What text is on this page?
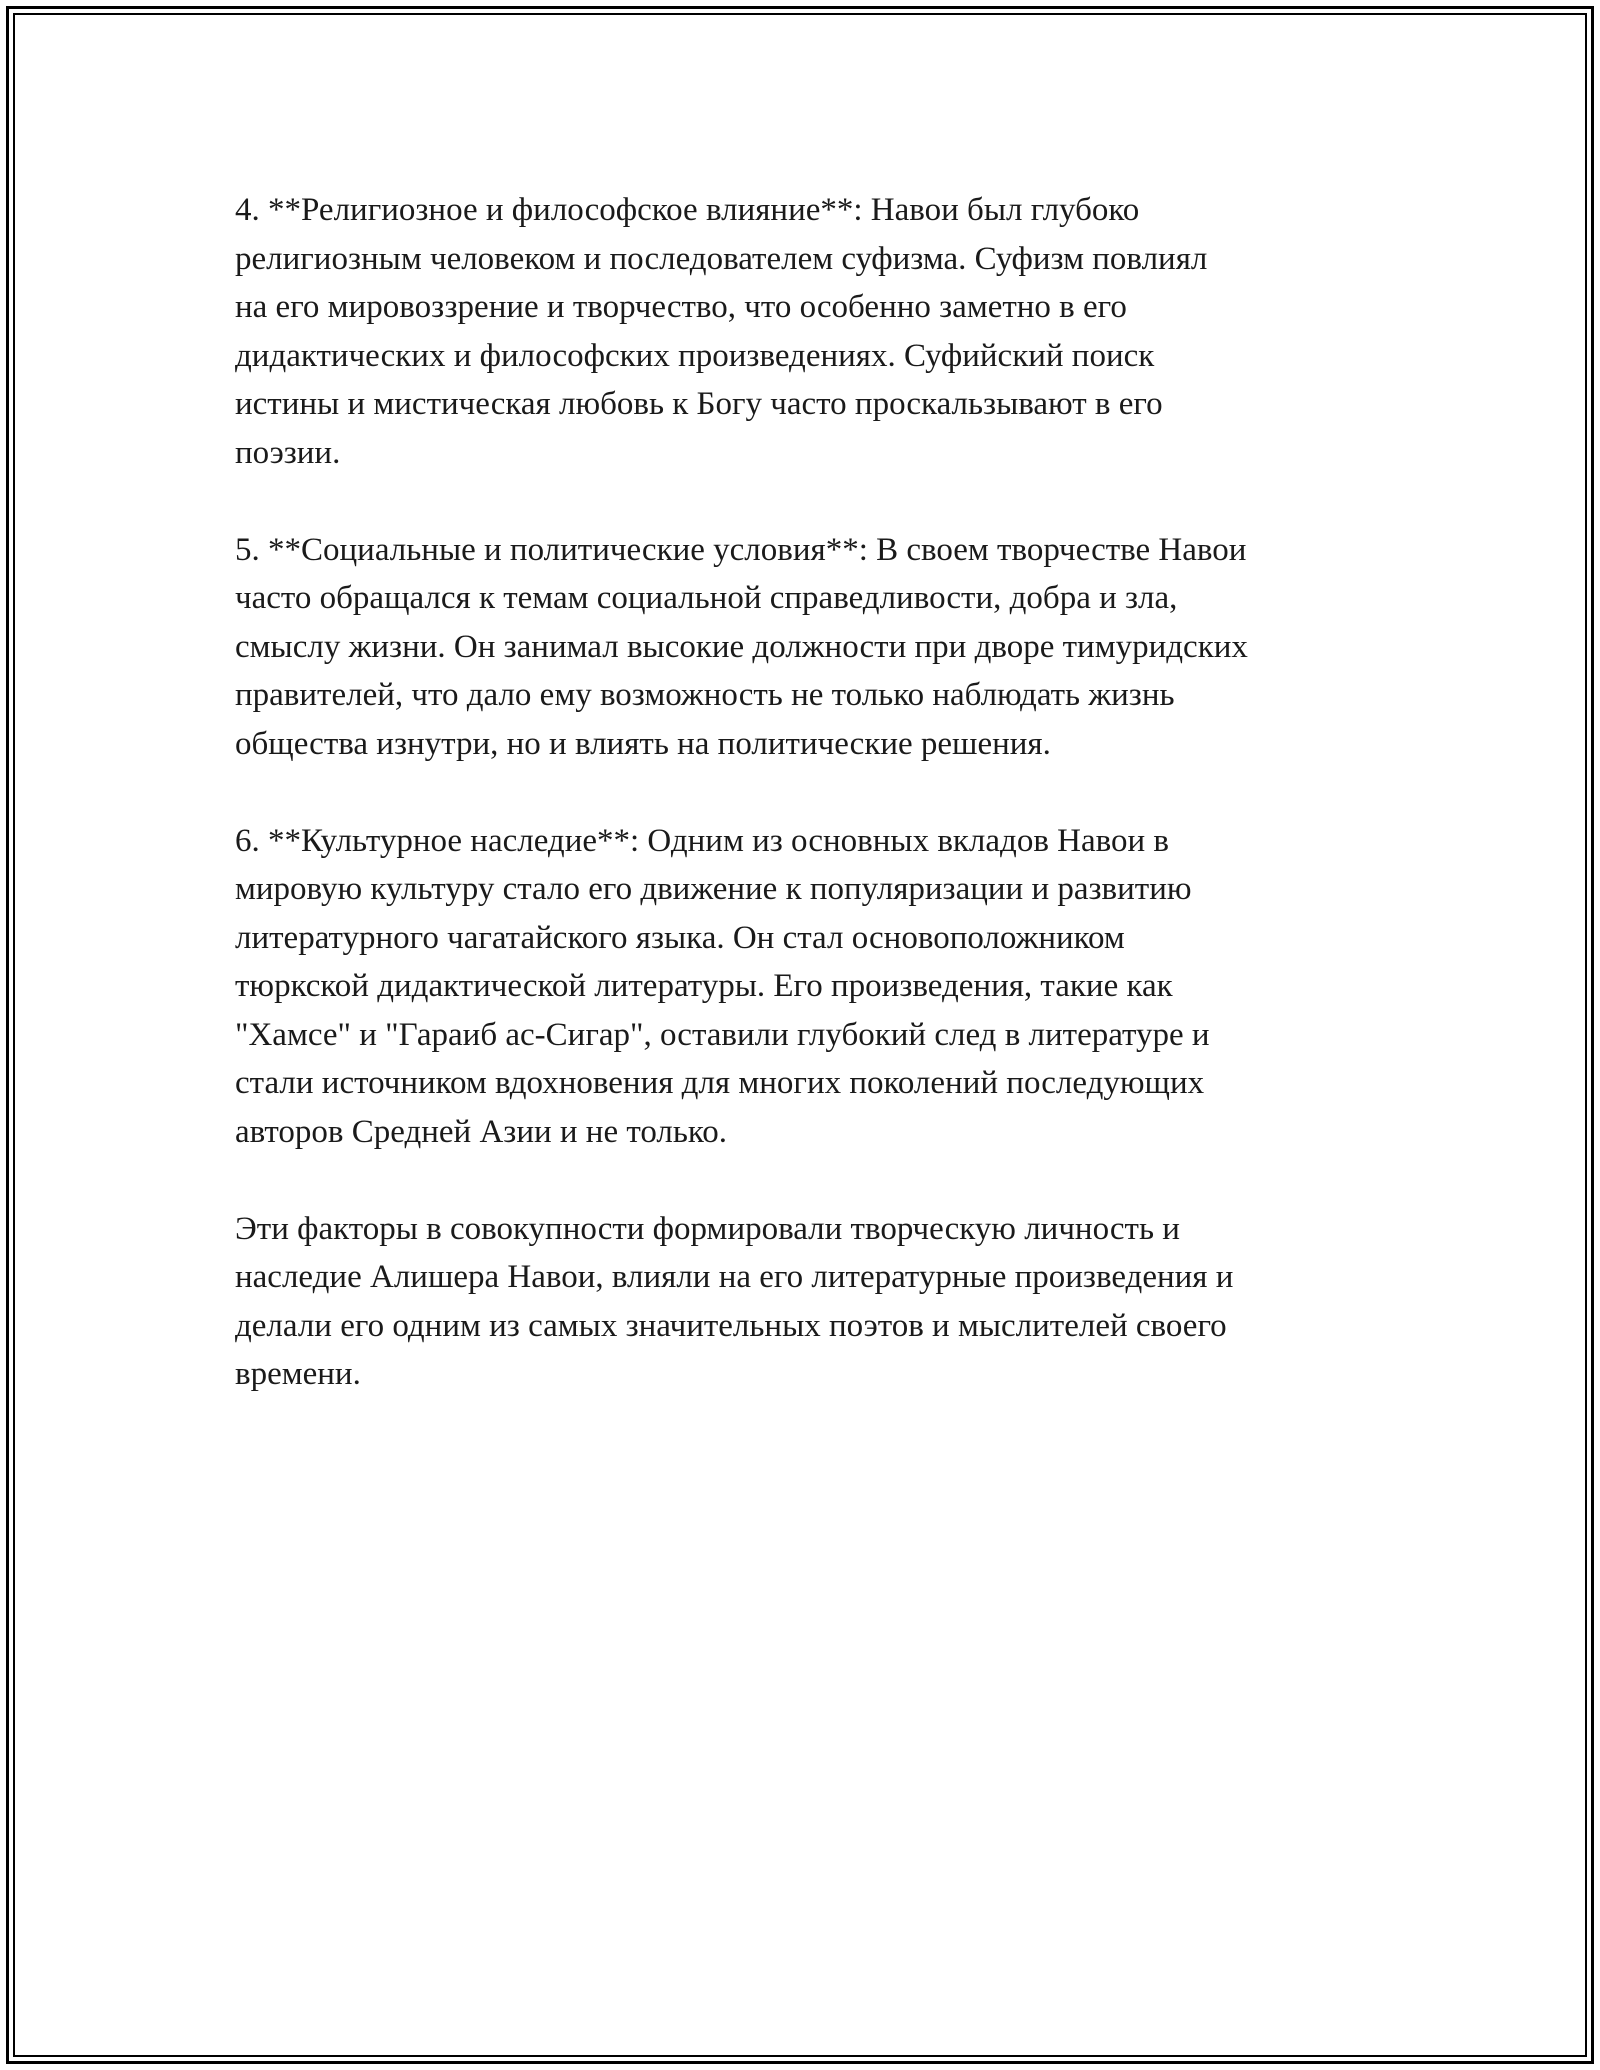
4. **Религиозное и философское влияние**: Навои был глубоко
религиозным человеком и последователем суфизма. Суфизм повлиял
на его мировоззрение и творчество, что особенно заметно в его
дидактических и философских произведениях. Суфийский поиск
истины и мистическая любовь к Богу часто проскальзывают в его
поэзии.

5. **Социальные и политические условия**: В своем творчестве Навои
часто обращался к темам социальной справедливости, добра и зла,
смыслу жизни. Он занимал высокие должности при дворе тимуридских
правителей, что дало ему возможность не только наблюдать жизнь
общества изнутри, но и влиять на политические решения.

6. **Культурное наследие**: Одним из основных вкладов Навои в
мировую культуру стало его движение к популяризации и развитию
литературного чагатайского языка. Он стал основоположником
тюркской дидактической литературы. Его произведения, такие как
"Хамсе" и "Гараиб ас-Сигар", оставили глубокий след в литературе и
стали источником вдохновения для многих поколений последующих
авторов Средней Азии и не только.

Эти факторы в совокупности формировали творческую личность и
наследие Алишера Навои, влияли на его литературные произведения и
делали его одним из самых значительных поэтов и мыслителей своего
времени.
